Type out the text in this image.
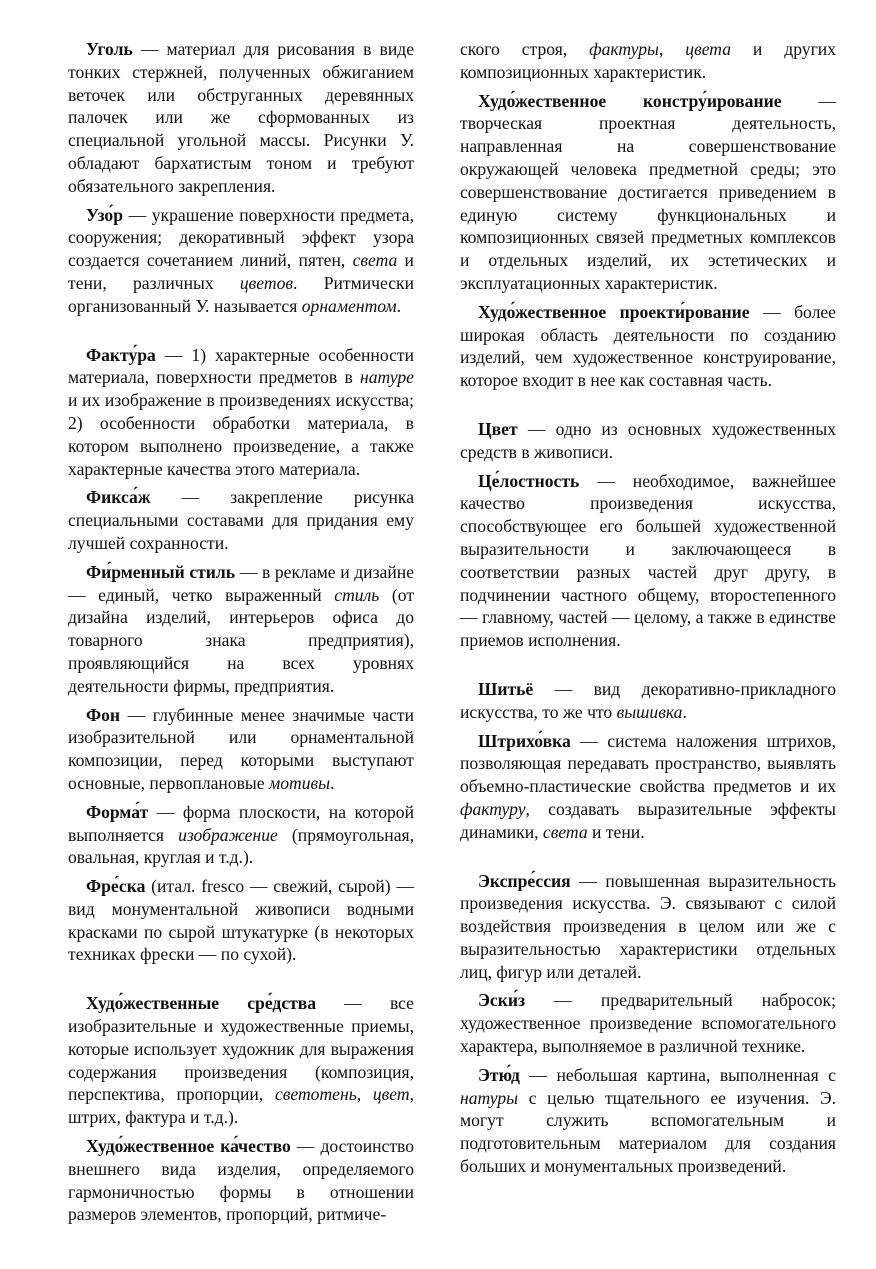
Уголь — материал для рисования в виде тонких стержней, полученных обжиганием веточек или обструганных деревянных палочек или же сформованных из специальной угольной массы. Рисунки У. обладают бархатистым тоном и требуют обязательного закрепления.

Узо́р — украшение поверхности предмета, сооружения; декоративный эффект узора создается сочетанием линий, пятен, света и тени, различных цветов. Ритмически организованный У. называется орнаментом.

Факту́ра — 1) характерные особенности материала, поверхности предметов в натуре и их изображение в произведениях искусства; 2) особенности обработки материала, в котором выполнено произведение, а также характерные качества этого материала.

Фикса́ж — закрепление рисунка специальными составами для придания ему лучшей сохранности.

Фи́рменный стиль — в рекламе и дизайне — единый, четко выраженный стиль (от дизайна изделий, интерьеров офиса до товарного знака предприятия), проявляющийся на всех уровнях деятельности фирмы, предприятия.

Фон — глубинные менее значимые части изобразительной или орнаментальной композиции, перед которыми выступают основные, первоплановые мотивы.

Форма́т — форма плоскости, на которой выполняется изображение (прямоугольная, овальная, круглая и т.д.).

Фре́ска (итал. fresco — свежий, сырой) — вид монументальной живописи водными красками по сырой штукатурке (в некоторых техниках фрески — по сухой).

Худо́жественные сре́дства — все изобразительные и художественные приемы, которые использует художник для выражения содержания произведения (композиция, перспектива, пропорции, светотень, цвет, штрих, фактура и т.д.).

Худо́жественное ка́чество — достоинство внешнего вида изделия, определяемого гармоничностью формы в отношении размеров элементов, пропорций, ритмиче-

ского строя, фактуры, цвета и других композиционных характеристик.

Худо́жественное констру́ирование — творческая проектная деятельность, направленная на совершенствование окружающей человека предметной среды; это совершенствование достигается приведением в единую систему функциональных и композиционных связей предметных комплексов и отдельных изделий, их эстетических и эксплуатационных характеристик.

Худо́жественное проекти́рование — более широкая область деятельности по созданию изделий, чем художественное конструирование, которое входит в нее как составная часть.

Цвет — одно из основных художественных средств в живописи.

Це́лостность — необходимое, важнейшее качество произведения искусства, способствующее его большей художественной выразительности и заключающееся в соответствии разных частей друг другу, в подчинении частного общему, второстепенного — главному, частей — целому, а также в единстве приемов исполнения.

Шитьё — вид декоративно-прикладного искусства, то же что вышивка.

Штрихо́вка — система наложения штрихов, позволяющая передавать пространство, выявлять объемно-пластические свойства предметов и их фактуру, создавать выразительные эффекты динамики, света и тени.

Экспре́ссия — повышенная выразительность произведения искусства. Э. связывают с силой воздействия произведения в целом или же с выразительностью характеристики отдельных лиц, фигур или деталей.

Эски́з — предварительный набросок; художественное произведение вспомогательного характера, выполняемое в различной технике.

Этю́д — небольшая картина, выполненная с натуры с целью тщательного ее изучения. Э. могут служить вспомогательным и подготовительным материалом для создания больших и монументальных произведений.
